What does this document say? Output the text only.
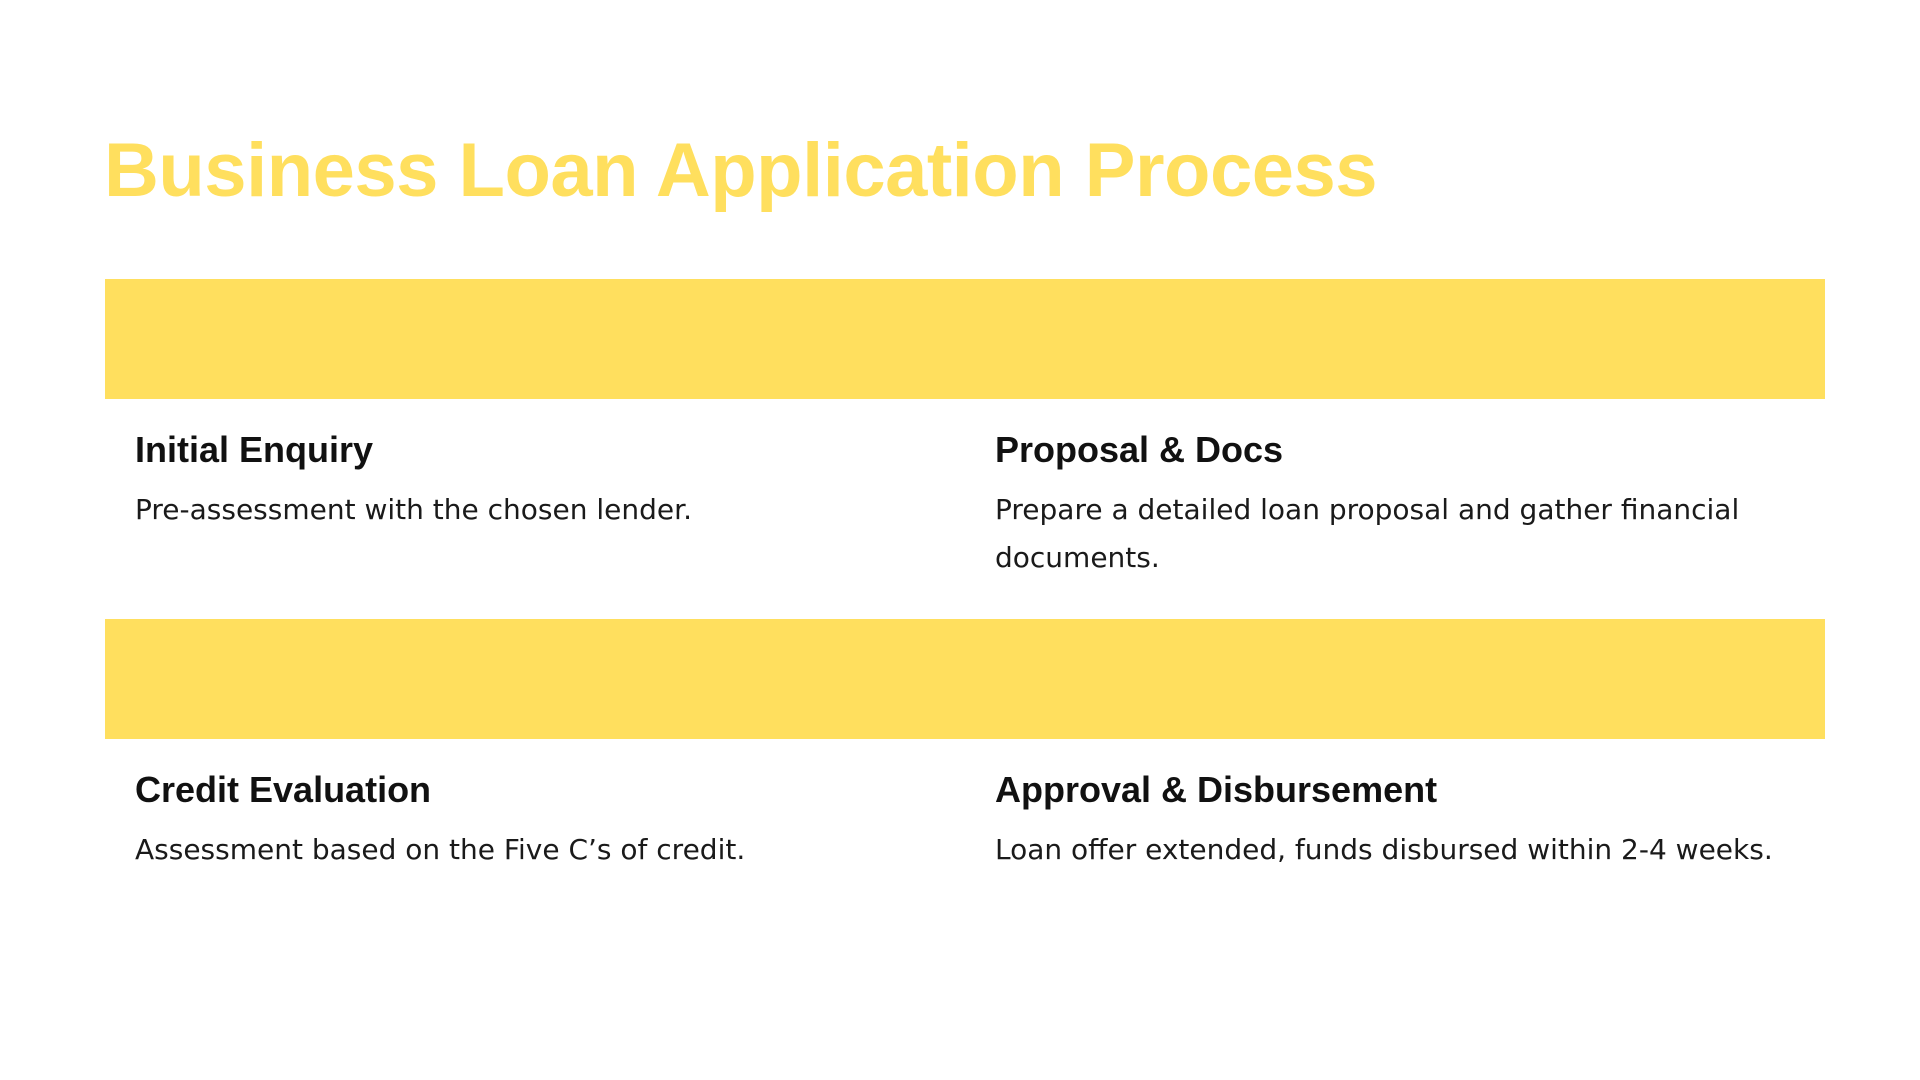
Business Loan Application Process
Initial Enquiry

Pre-assessment with the chosen lender.

Proposal & Docs

Prepare a detailed loan proposal and gather financial documents.

Credit Evaluation

Assessment based on the Five C’s of credit.

Approval & Disbursement

Loan offer extended, funds disbursed within 2-4 weeks.
